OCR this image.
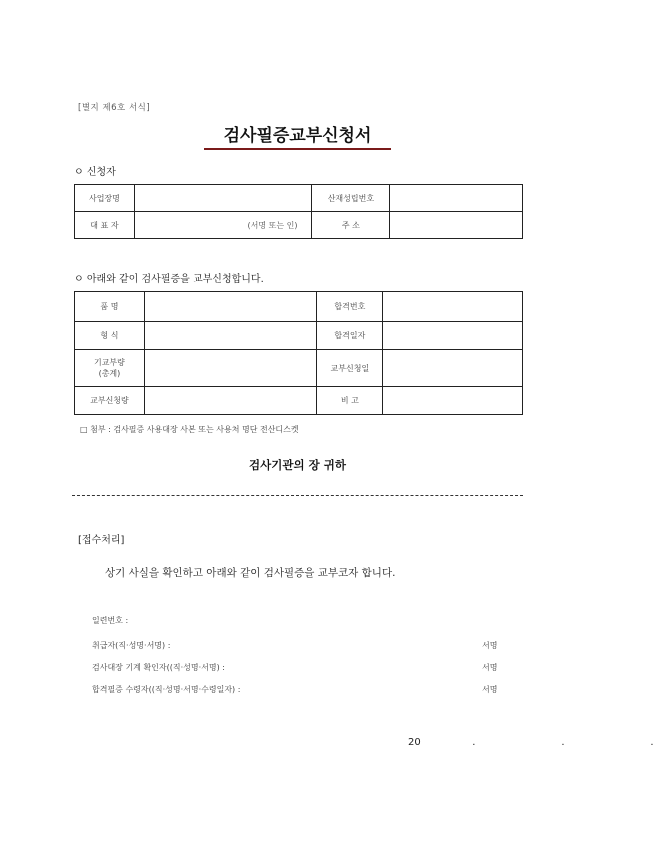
[별지 제6호 서식]
검사필증교부신청서
ㅇ 신청자
사업장명		산재성립번호	
대 표 자	(서명 또는 인)	주 소	
ㅇ 아래와 같이 검사필증을 교부신청합니다.
품 명		합격번호	
형 식		합격일자	

기교부량
(총계)		교부신청일	
교부신청량		비 고	
□ 첨부 : 검사필증 사용대장 사본 또는 사용처 명단 전산디스켓
검사기관의 장 귀하
[접수처리]
상기 사실을 확인하고 아래와 같이 검사필증을 교부코자 합니다.
일련번호 :
취급자(직·성명·서명) :	서명
검사대장 기계 확인자((직·성명·서명) :	서명
합격필증 수령자((직·성명·서명·수령일자) :	서명
20   .     .     .
